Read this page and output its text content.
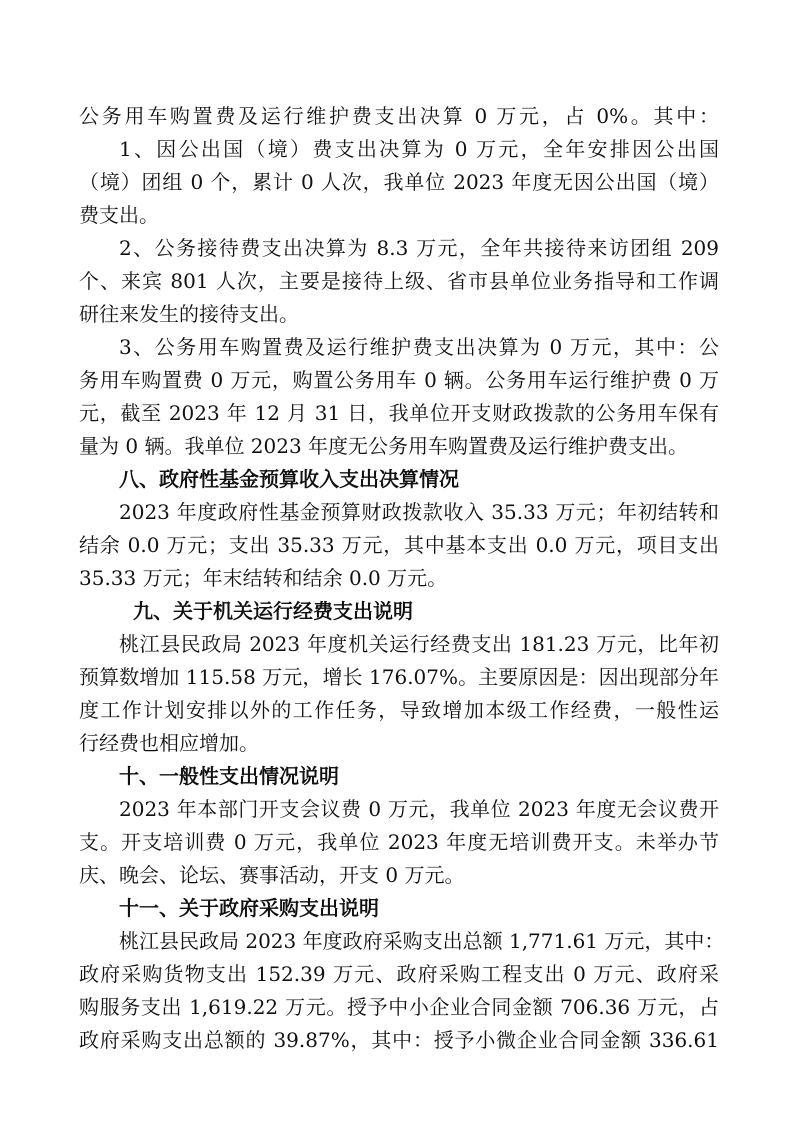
公务用车购置费及运行维护费支出决算 0 万元，占 0%。其中：
1、因公出国（境）费支出决算为 0 万元，全年安排因公出国
（境）团组 0 个，累计 0 人次，我单位 2023 年度无因公出国（境）
费支出。
2、公务接待费支出决算为 8.3 万元，全年共接待来访团组 209
个、来宾 801 人次，主要是接待上级、省市县单位业务指导和工作调
研往来发生的接待支出。
3、公务用车购置费及运行维护费支出决算为 0 万元，其中：公
务用车购置费 0 万元，购置公务用车 0 辆。公务用车运行维护费 0 万
元，截至 2023 年 12 月 31 日，我单位开支财政拨款的公务用车保有
量为 0 辆。我单位 2023 年度无公务用车购置费及运行维护费支出。
八、政府性基金预算收入支出决算情况
2023 年度政府性基金预算财政拨款收入 35.33 万元；年初结转和
结余 0.0 万元；支出 35.33 万元，其中基本支出 0.0 万元，项目支出
35.33 万元；年末结转和结余 0.0 万元。
九、关于机关运行经费支出说明
桃江县民政局 2023 年度机关运行经费支出 181.23 万元，比年初
预算数增加 115.58 万元，增长 176.07%。主要原因是：因出现部分年
度工作计划安排以外的工作任务，导致增加本级工作经费，一般性运
行经费也相应增加。
十、一般性支出情况说明
2023 年本部门开支会议费 0 万元，我单位 2023 年度无会议费开
支。开支培训费 0 万元，我单位 2023 年度无培训费开支。未举办节
庆、晚会、论坛、赛事活动，开支 0 万元。
十一、关于政府采购支出说明
桃江县民政局 2023 年度政府采购支出总额 1,771.61 万元，其中：
政府采购货物支出 152.39 万元、政府采购工程支出 0 万元、政府采
购服务支出 1,619.22 万元。授予中小企业合同金额 706.36 万元，占
政府采购支出总额的 39.87%，其中：授予小微企业合同金额 336.61
